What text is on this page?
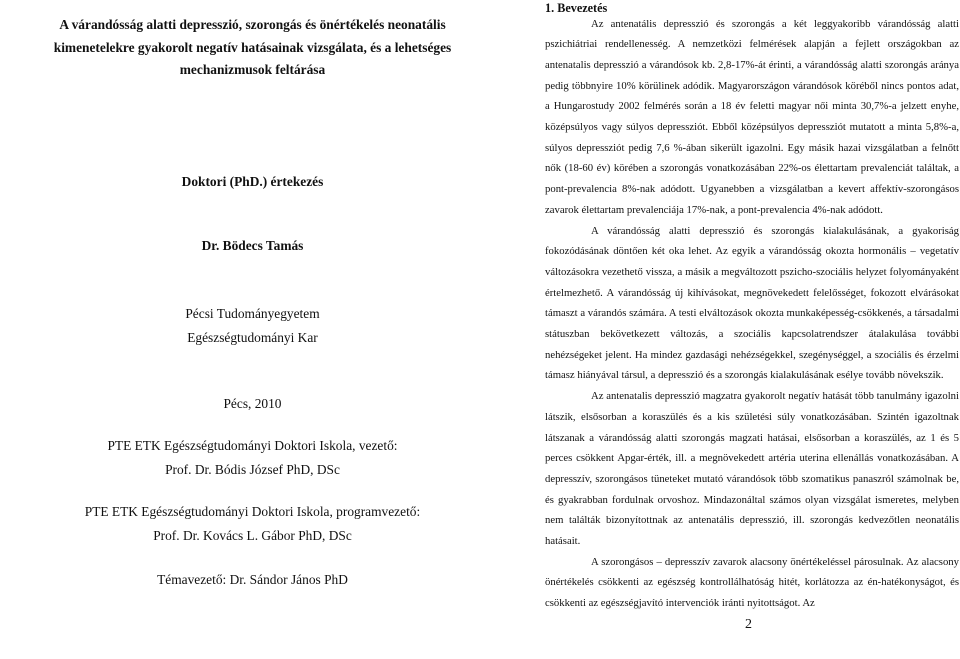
A várandósság alatti depresszió, szorongás és önértékelés neonatális
kimenetelekre gyakorolt negatív hatásainak vizsgálata, és a lehetséges
mechanizmusok feltárása
Doktori (PhD.) értekezés
Dr. Bödecs Tamás
Pécsi Tudományegyetem
Egészségtudományi Kar
Pécs, 2010
PTE ETK Egészségtudományi Doktori Iskola, vezető:
Prof. Dr. Bódis József PhD, DSc
PTE ETK Egészségtudományi Doktori Iskola, programvezető:
Prof. Dr. Kovács L. Gábor PhD, DSc
Témavezető: Dr. Sándor János PhD
1. Bevezetés

Az antenatális depresszió és szorongás a két leggyakoribb várandósság alatti pszichiátriai rendellenesség. A nemzetközi felmérések alapján a fejlett országokban az antenatalis depresszió a várandósok kb. 2,8-17%-át érinti, a várandósság alatti szorongás aránya pedig többnyire 10% körülinek adódik. Magyarországon várandósok köréből nincs pontos adat, a Hungarostudy 2002 felmérés során a 18 év feletti magyar női minta 30,7%-a jelzett enyhe, középsúlyos vagy súlyos depressziót. Ebből középsúlyos depressziót mutatott a minta 5,8%-a, súlyos depressziót pedig 7,6 %-ában sikerült igazolni. Egy másik hazai vizsgálatban a felnőtt nők (18-60 év) körében a szorongás vonatkozásában 22%-os élettartam prevalenciát találtak, a pont-prevalencia 8%-nak adódott. Ugyanebben a vizsgálatban a kevert affektív-szorongásos zavarok élettartam prevalenciája 17%-nak, a pont-prevalencia 4%-nak adódott.

A várandósság alatti depresszió és szorongás kialakulásának, a gyakoriság fokozódásának döntően két oka lehet. Az egyik a várandósság okozta hormonális – vegetatív változásokra vezethető vissza, a másik a megváltozott pszicho-szociális helyzet folyományaként értelmezhető. A várandósság új kihívásokat, megnövekedett felelősséget, fokozott elvárásokat támaszt a várandós számára. A testi elváltozások okozta munkaképesség-csökkenés, a társadalmi státuszban bekövetkezett változás, a szociális kapcsolatrendszer átalakulása további nehézségeket jelent. Ha mindez gazdasági nehézségekkel, szegénységgel, a szociális és érzelmi támasz hiányával társul, a depresszió és a szorongás kialakulásának esélye tovább növekszik.

Az antenatalis depresszió magzatra gyakorolt negatív hatását több tanulmány igazolni látszik, elsősorban a koraszülés és a kis születési súly vonatkozásában. Szintén igazoltnak látszanak a várandósság alatti szorongás magzati hatásai, elsősorban a koraszülés, az 1 és 5 perces csökkent Apgar-érték, ill. a megnövekedett artéria uterina ellenállás vonatkozásában. A depresszív, szorongásos tüneteket mutató várandósok több szomatikus panaszról számolnak be, és gyakrabban fordulnak orvoshoz. Mindazonáltal számos olyan vizsgálat ismeretes, melyben nem találták bizonyítottnak az antenatális depresszió, ill. szorongás kedvezőtlen neonatális hatásait.

A szorongásos – depresszív zavarok alacsony önértékeléssel párosulnak. Az alacsony önértékelés csökkenti az egészség kontrollálhatóság hitét, korlátozza az én-hatékonyságot, és csökkenti az egészségjavító intervenciók iránti nyitottságot. Az

2
